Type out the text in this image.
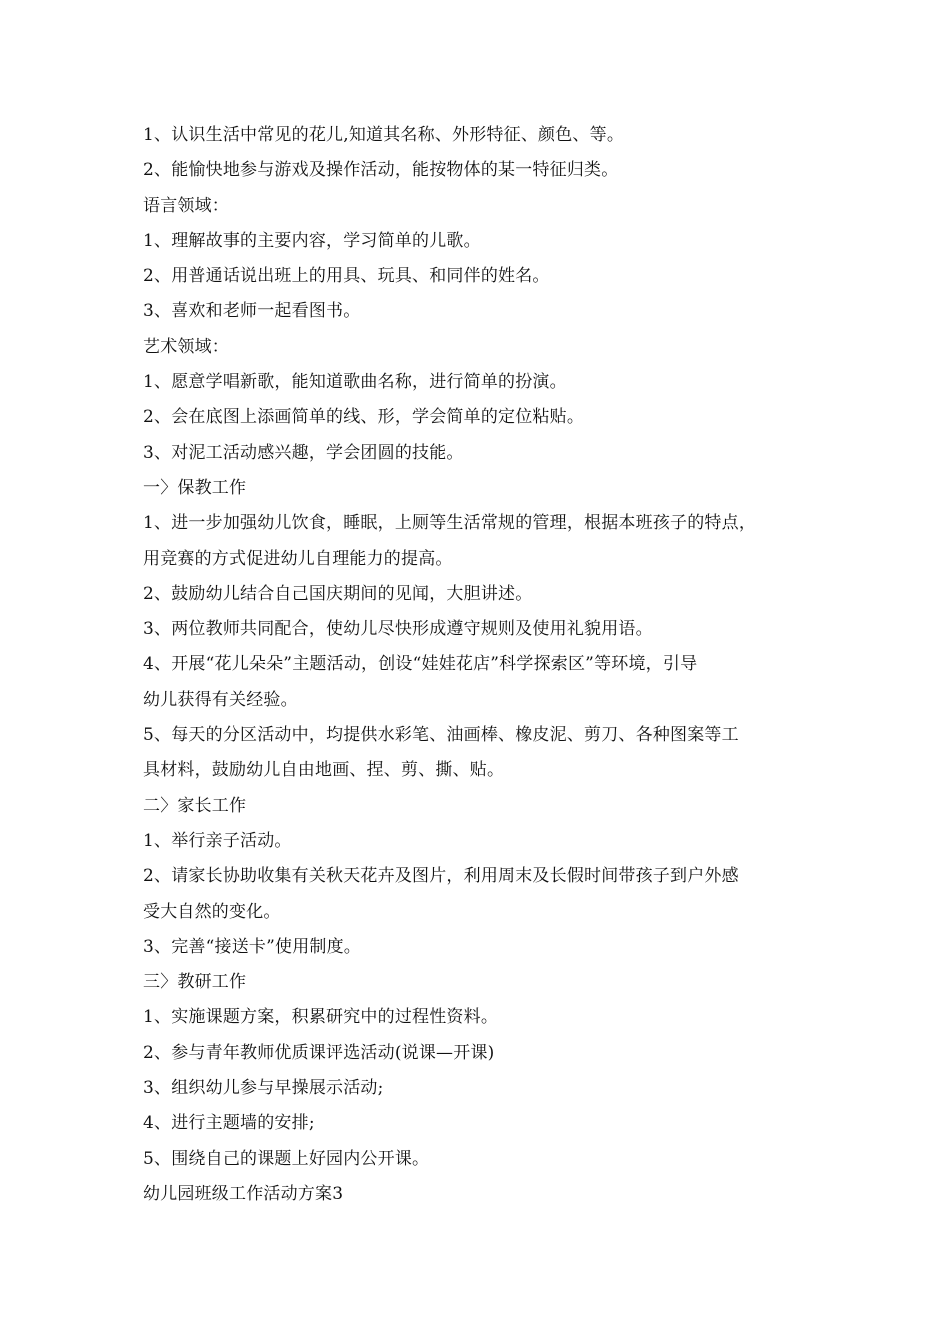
1、认识生活中常见的花儿,知道其名称、外形特征、颜色、等。
2、能愉快地参与游戏及操作活动，能按物体的某一特征归类。
语言领域：
1、理解故事的主要内容，学习简单的儿歌。
2、用普通话说出班上的用具、玩具、和同伴的姓名。
3、喜欢和老师一起看图书。
艺术领域：
1、愿意学唱新歌，能知道歌曲名称，进行简单的扮演。
2、会在底图上添画简单的线、形，学会简单的定位粘贴。
3、对泥工活动感兴趣，学会团圆的技能。
一〉保教工作
1、进一步加强幼儿饮食，睡眠，上厕等生活常规的管理，根据本班孩子的特点，
用竞赛的方式促进幼儿自理能力的提高。
2、鼓励幼儿结合自己国庆期间的见闻，大胆讲述。
3、两位教师共同配合，使幼儿尽快形成遵守规则及使用礼貌用语。
4、开展“花儿朵朵”主题活动，创设“娃娃花店”科学探索区”等环境，引导
幼儿获得有关经验。
5、每天的分区活动中，均提供水彩笔、油画棒、橡皮泥、剪刀、各种图案等工
具材料，鼓励幼儿自由地画、捏、剪、撕、贴。
二〉家长工作
1、举行亲子活动。
2、请家长协助收集有关秋天花卉及图片，利用周末及长假时间带孩子到户外感
受大自然的变化。
3、完善“接送卡”使用制度。
三〉教研工作
1、实施课题方案，积累研究中的过程性资料。
2、参与青年教师优质课评选活动(说课—开课)
3、组织幼儿参与早操展示活动;
4、进行主题墙的安排;
5、围绕自己的课题上好园内公开课。
幼儿园班级工作活动方案3
